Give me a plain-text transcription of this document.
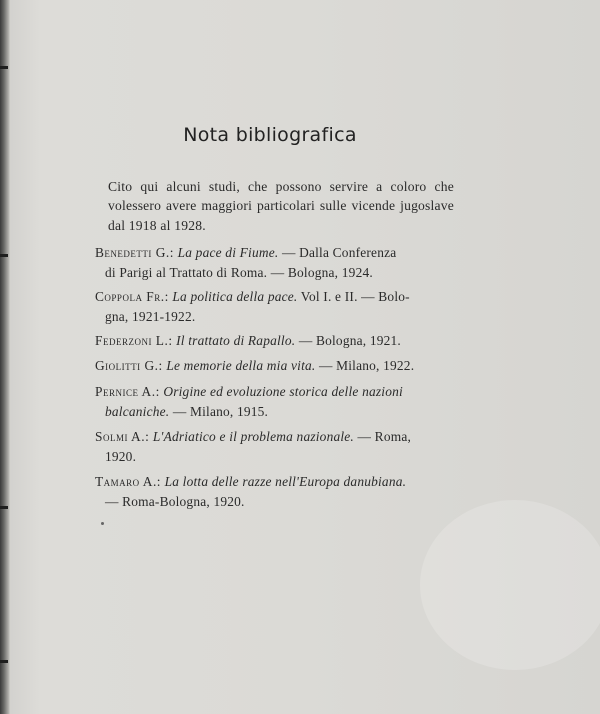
Nota bibliografica
Cito qui alcuni studi, che possono servire a coloro che volessero avere maggiori particolari sulle vicende jugoslave dal 1918 al 1928.
Benedetti G.: La pace di Fiume. — Dalla Conferenza
di Parigi al Trattato di Roma. — Bologna, 1924.
Coppola Fr.: La politica della pace. Vol I. e II. — Bolo-
gna, 1921-1922.
Federzoni L.: Il trattato di Rapallo. — Bologna, 1921.
Giolitti G.: Le memorie della mia vita. — Milano, 1922.
Pernice A.: Origine ed evoluzione storica delle nazioni
balcaniche. — Milano, 1915.
Solmi A.: L'Adriatico e il problema nazionale. — Roma,
1920.
Tamaro A.: La lotta delle razze nell'Europa danubiana.
— Roma-Bologna, 1920.
